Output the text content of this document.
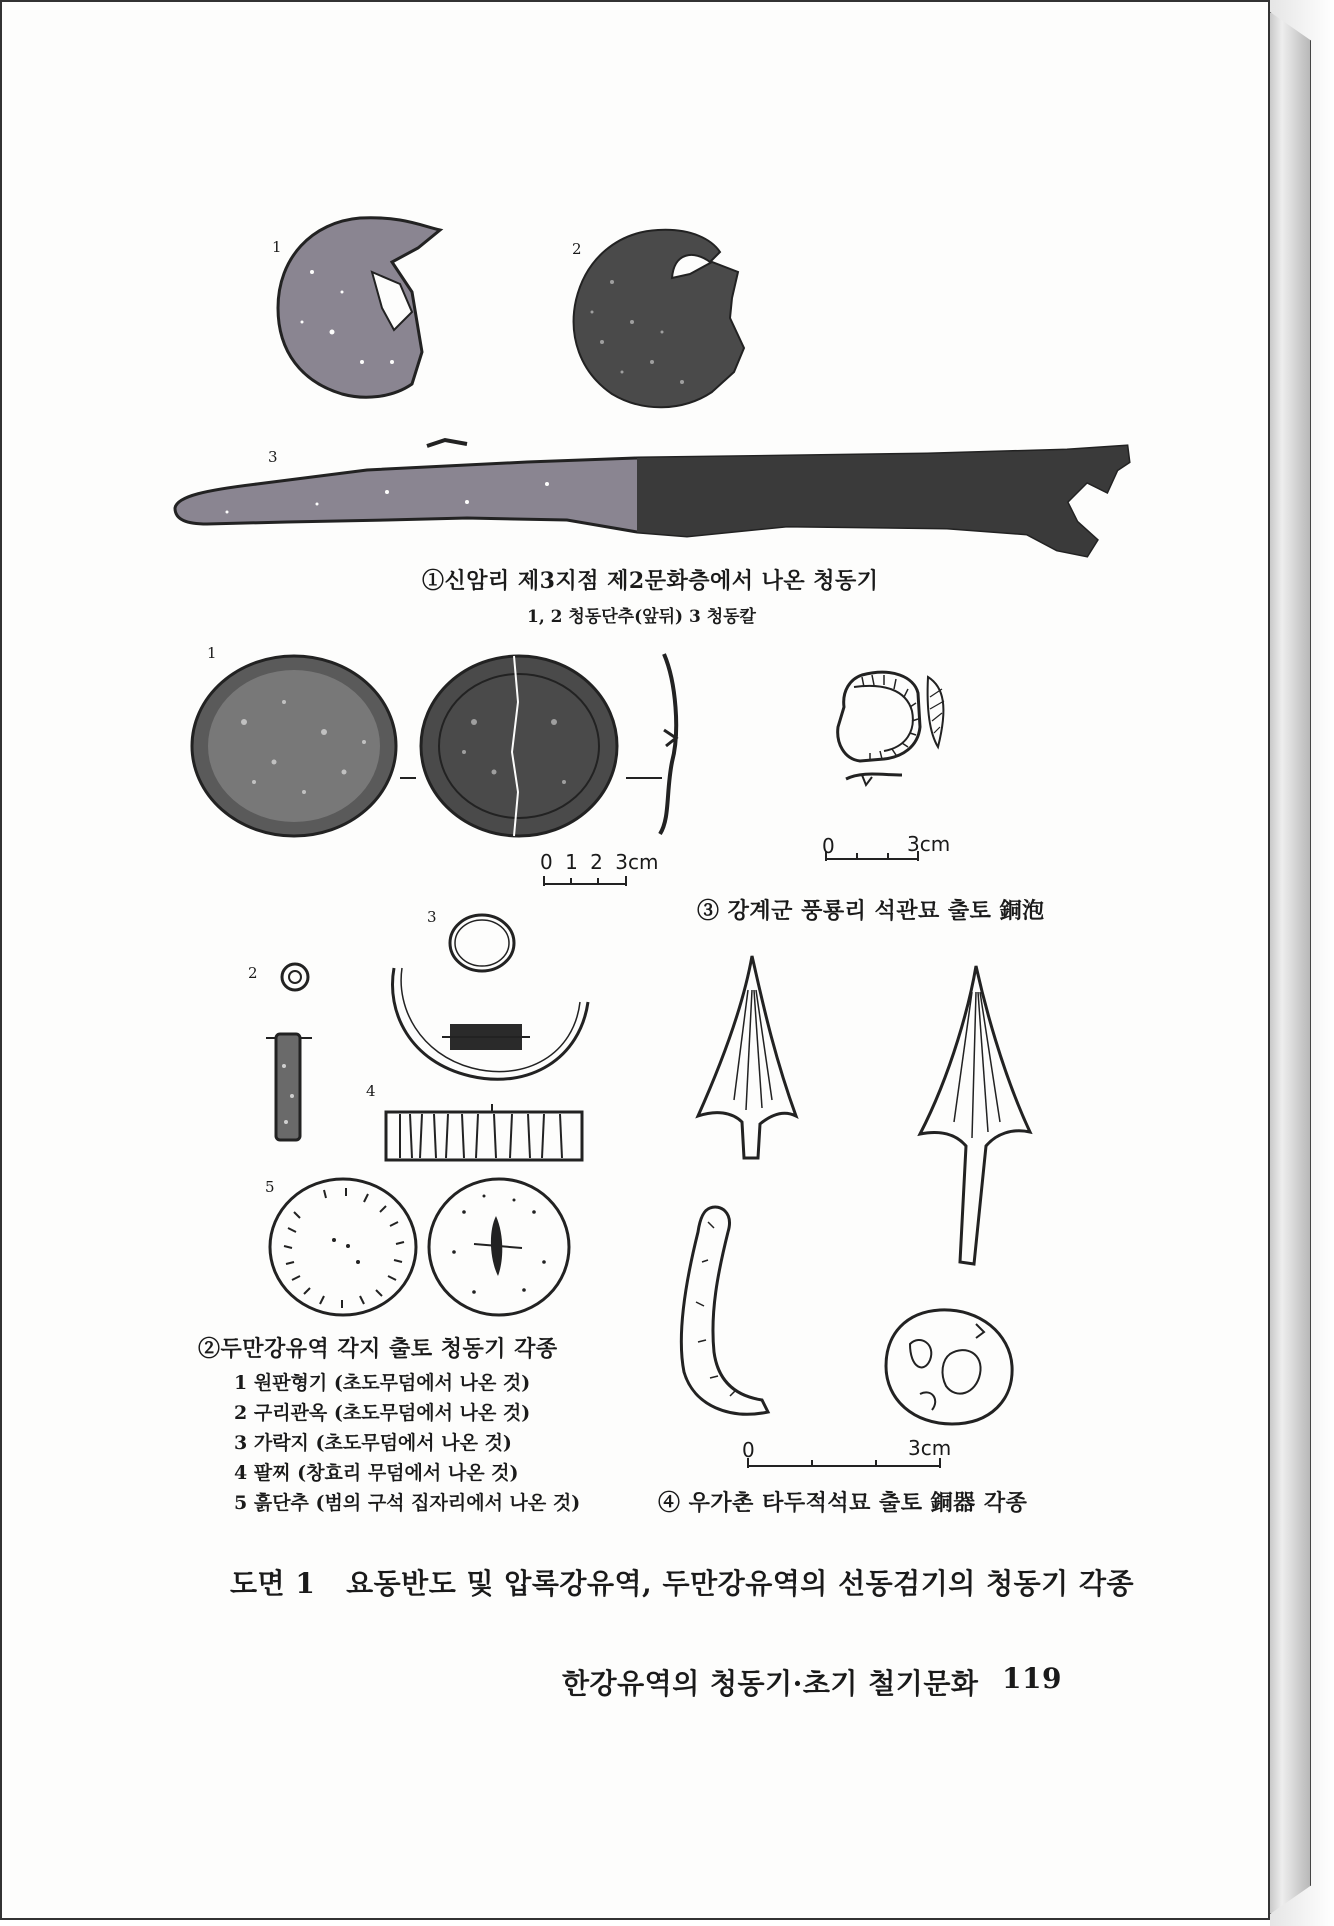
1	2
3
①신암리 제3지점 제2문화층에서 나온 청동기
1, 2 청동단추(앞뒤) 3 청동칼
1
0 1 2 3cm
0	3cm
③ 강계군 풍룡리 석관묘 출토 銅泡
3
2
4
5
②두만강유역 각지 출토 청동기 각종
1 원판형기 (초도무덤에서 나온 것)
2 구리관옥 (초도무덤에서 나온 것)
3 가락지 (초도무덤에서 나온 것)
4 팔찌 (창효리 무덤에서 나온 것)
5 흙단추 (범의 구석 집자리에서 나온 것)
0	3cm
④ 우가촌 타두적석묘 출토 銅器 각종
도면 1   요동반도 및 압록강유역, 두만강유역의 선동검기의 청동기 각종
한강유역의 청동기·초기 철기문화 119
